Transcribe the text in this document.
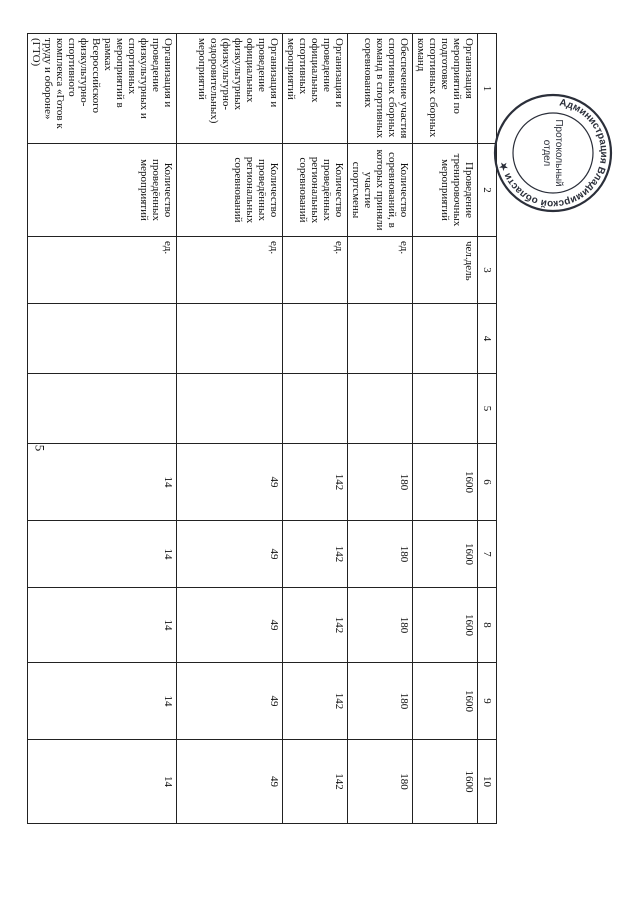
5
1	2	3	4	5	6	7	8	9	10
Организация мероприятий по подготовке спортивных сборных команд	Проведение тренировочных мероприятий	чел.дель			1600	1600	1600	1600	1600
Обеспечение участия спортивных сборных команд в спортивных соревнованиях	Количество соревнований, в которых приняли участие спортсмены	ед.			180	180	180	180	180
Организация и проведение официальных спортивных мероприятий	Количество проведённых региональных соревнований	ед.			142	142	142	142	142
Организация и проведение официальных физкультурных (физкультурно-оздоровительных) мероприятий	Количество проведённых региональных соревнований	ед.			49	49	49	49	49
Организация и проведение физкультурных и спортивных мероприятий в рамках Всероссийского физкультурно-спортивного комплекса «Готов к труду и обороне» (ГТО)	Количество проведённых мероприятий	ед.			14	14	14	14	14
Администрация Владимирской области ★	Протокольный
отдел
